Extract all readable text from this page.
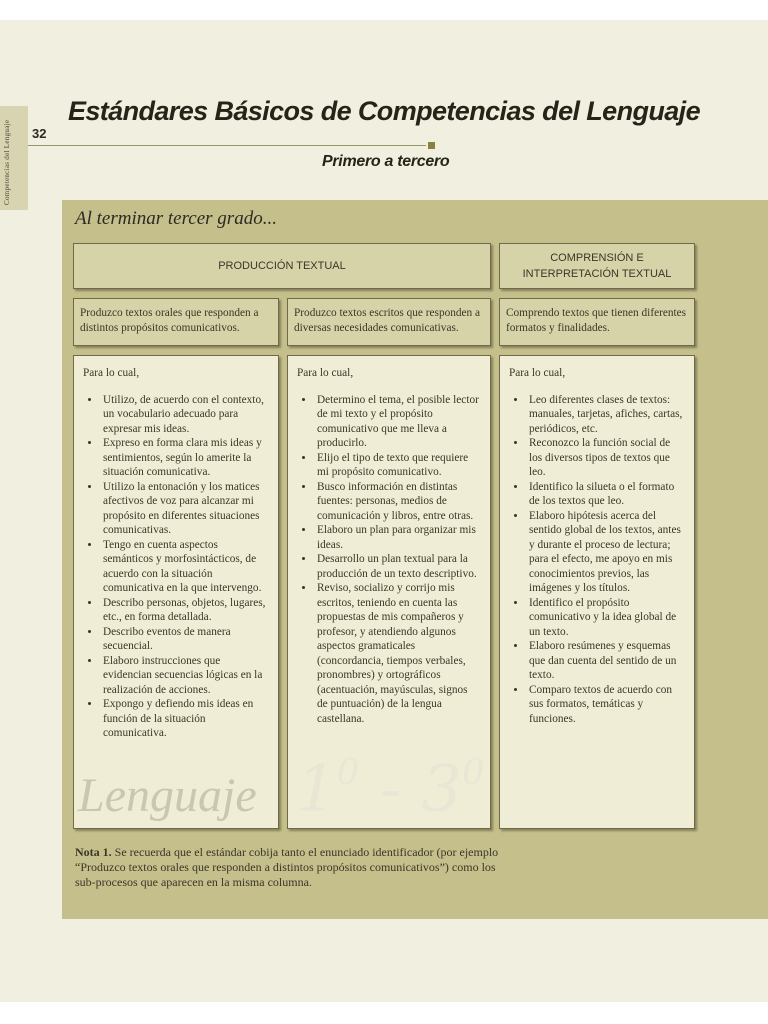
32
Estándares Básicos de Competencias del Lenguaje
Primero a tercero
Al terminar tercer grado...
PRODUCCIÓN TEXTUAL
COMPRENSIÓN E
INTERPRETACIÓN TEXTUAL
Produzco textos orales que responden a distintos propósitos comunicativos.
Produzco textos escritos que responden a diversas necesidades comunicativas.
Comprendo textos que tienen diferentes formatos y finalidades.

Para lo cual,

• Utilizo, de acuerdo con el contexto, un vocabulario adecuado para expresar mis ideas.
• Expreso en forma clara mis ideas y sentimientos, según lo amerite la situación comunicativa.
• Utilizo la entonación y los matices afectivos de voz para alcanzar mi propósito en diferentes situaciones comunicativas.
• Tengo en cuenta aspectos semánticos y morfosintácticos, de acuerdo con la situación comunicativa en la que intervengo.
• Describo personas, objetos, lugares, etc., en forma detallada.
• Describo eventos de manera secuencial.
• Elaboro instrucciones que evidencian secuencias lógicas en la realización de acciones.
• Expongo y defiendo mis ideas en función de la situación comunicativa.

Para lo cual,

• Determino el tema, el posible lector de mi texto y el propósito comunicativo que me lleva a producirlo.
• Elijo el tipo de texto que requiere mi propósito comunicativo.
• Busco información en distintas fuentes: personas, medios de comunicación y libros, entre otras.
• Elaboro un plan para organizar mis ideas.
• Desarrollo un plan textual para la producción de un texto descriptivo.
• Reviso, socializo y corrijo mis escritos, teniendo en cuenta las propuestas de mis compañeros y profesor, y atendiendo algunos aspectos gramaticales (concordancia, tiempos verbales, pronombres) y ortográficos (acentuación, mayúsculas, signos de puntuación) de la lengua castellana.

Para lo cual,

• Leo diferentes clases de textos: manuales, tarjetas, afiches, cartas, periódicos, etc.
• Reconozco la función social de los diversos tipos de textos que leo.
• Identifico la silueta o el formato de los textos que leo.
• Elaboro hipótesis acerca del sentido global de los textos, antes y durante el proceso de lectura; para el efecto, me apoyo en mis conocimientos previos, las imágenes y los títulos.
• Identifico el propósito comunicativo y la idea global de un texto.
• Elaboro resúmenes y esquemas que dan cuenta del sentido de un texto.
• Comparo textos de acuerdo con sus formatos, temáticas y funciones.
Lenguaje $1^0 - 3^0$
Nota 1. Se recuerda que el estándar cobija tanto el enunciado identificador (por ejemplo “Produzco textos orales que responden a distintos propósitos comunicativos”) como los sub-procesos que aparecen en la misma columna.
